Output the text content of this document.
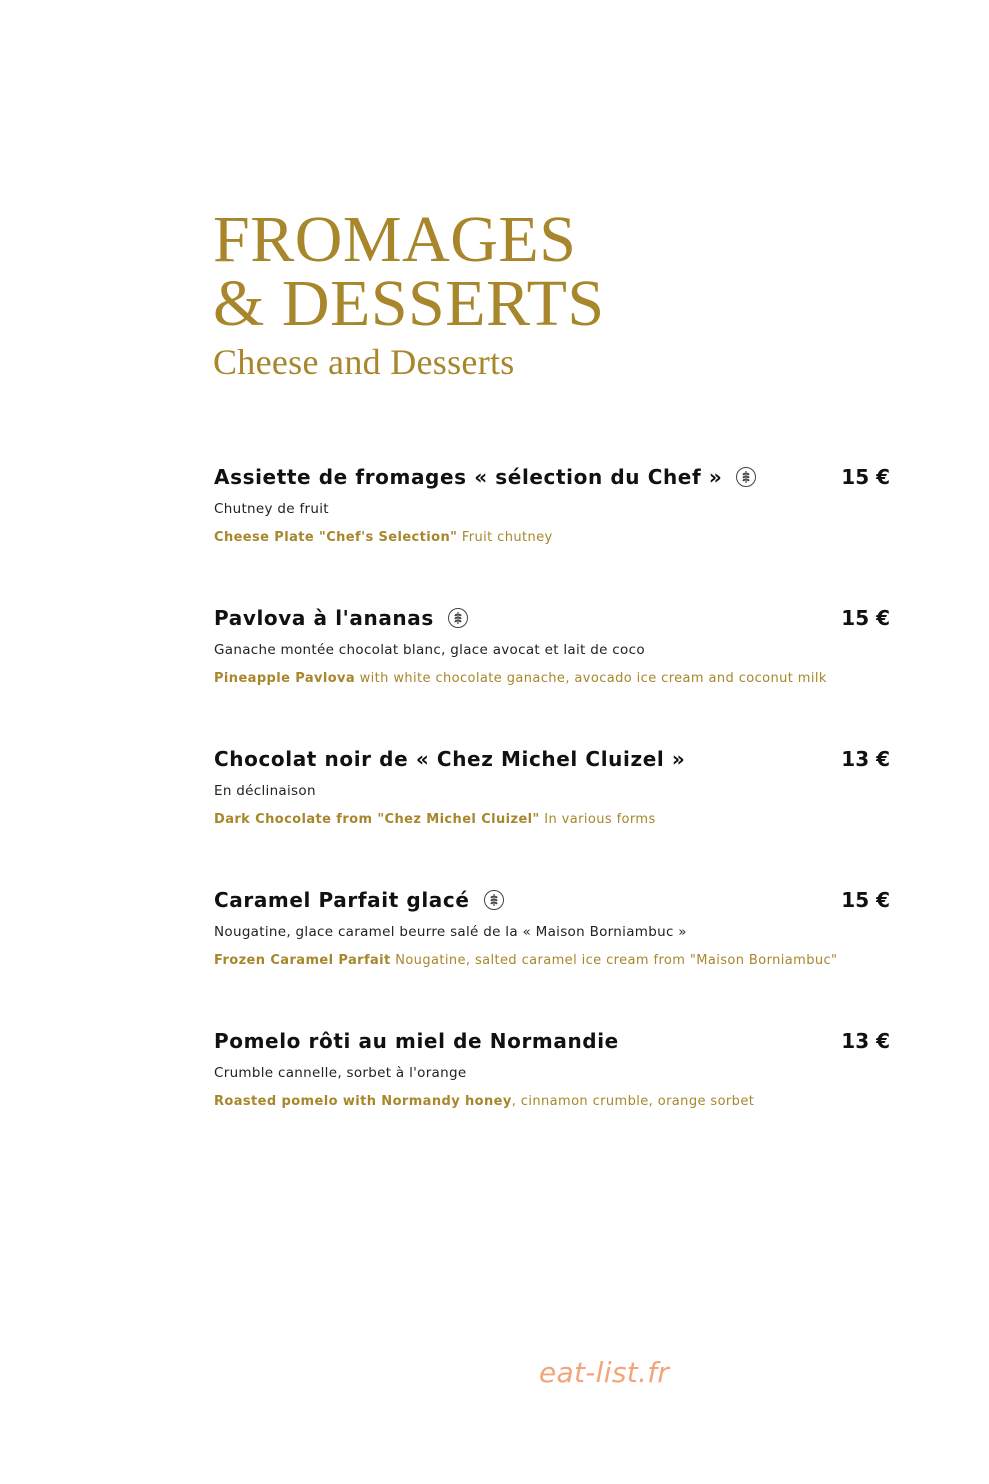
FROMAGES
& DESSERTS
Cheese and Desserts
Assiette de fromages « sélection du Chef »	15 €
Chutney de fruit
Cheese Plate "Chef's Selection" Fruit chutney
Pavlova à l'ananas	15 €
Ganache montée chocolat blanc, glace avocat et lait de coco
Pineapple Pavlova with white chocolate ganache, avocado ice cream and coconut milk
Chocolat noir de « Chez Michel Cluizel »	13 €
En déclinaison
Dark Chocolate from "Chez Michel Cluizel" In various forms
Caramel Parfait glacé	15 €
Nougatine, glace caramel beurre salé de la « Maison Borniambuc »
Frozen Caramel Parfait Nougatine, salted caramel ice cream from "Maison Borniambuc"
Pomelo rôti au miel de Normandie	13 €
Crumble cannelle, sorbet à l'orange
Roasted pomelo with Normandy honey, cinnamon crumble, orange sorbet
eat-list.fr
